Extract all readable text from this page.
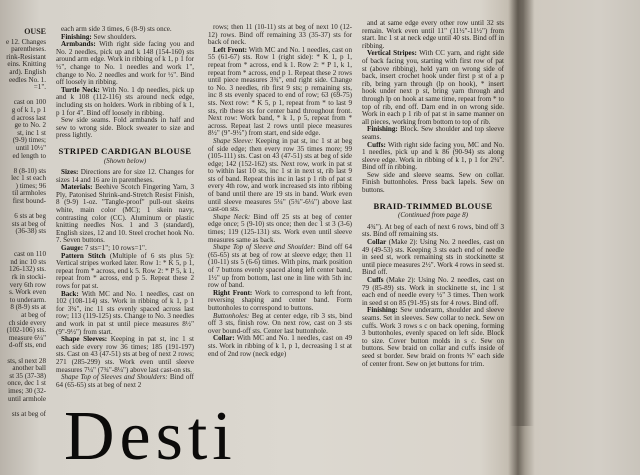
OUSE
e 12. Changes
parentheses.
rink-Resistant
eins. Knitting
ard). English
eedles No. 1.
=1".

cast on 100
g of k 1, p 1
d across last
ge to No. 2
st, inc 1 st
(9-9) times;
until 10½"
ed length to

8 (8-10) sts
lec 1 st each
) times; 96
til armholes
first bound-

6 sts at beg
sts at beg of
(36-38) sts

cast on 110
nd inc 10 sts
126-132) sts.
rk in stocki-
very 6th row
s. Work even
to underarm.
8 (8-9) sts at
at beg of
ch side every
(102-106) sts.
measure 6¼"
d-off sts, end

sts, sl next 28
another ball
st 35 (37-38)
once, dec 1 st
imes; 30 (32-
until armhole

sts at beg of

each arm side 3 times, 6 (8-9) sts once.

Finishing: Sew shoulders.

Armbands: With right side facing you and No. 2 needles, pick up and k 148 (154-160) sts around arm edge. Work in ribbing of k 1, p 1 for ½", change to No. 1 needles and work 1", change to No. 2 needles and work for ½". Bind off loosely in ribbing.

Turtle Neck: With No. 1 dp needles, pick up and k 108 (112-116) sts around neck edge, including sts on holders. Work in ribbing of k 1, p 1 for 4". Bind off loosely in ribbing.

Sew side seams. Fold armbands in half and sew to wrong side. Block sweater to size and press lightly.

STRIPED CARDIGAN BLOUSE

(Shown below)

Sizes: Directions are for size 12. Changes for sizes 14 and 16 are in parentheses.

Materials: Beehive Scotch Fingering Yarn, 3 Ply, Patonised Shrink-and-Stretch Resist Finish, 8 (9-9) 1-oz. "Tangle-proof" pull-out skeins white, main color (MC); 1 skein navy, contrasting color (CC). Aluminum or plastic knitting needles Nos. 1 and 3 (standard), English sizes, 12 and 10. Steel crochet hook No. 7. Seven buttons.

Gauge: 7 sts=1"; 10 rows=1".

Pattern Stitch (Multiple of 6 sts plus 5): Vertical stripes worked later. Row 1: * K 5, p 1, repeat from * across, end k 5. Row 2: * P 5, k 1, repeat from * across, end p 5. Repeat these 2 rows for pat st.

Back: With MC and No. 1 needles, cast on 102 (108-114) sts. Work in ribbing of k 1, p 1 for 3¾", inc 11 sts evenly spaced across last row; 113 (119-125) sts. Change to No. 3 needles and work in pat st until piece measures 8½" (9"-9½") from start.

Shape Sleeves: Keeping in pat st, inc 1 st each side every row 36 times; 185 (191-197) sts. Cast on 43 (47-51) sts at beg of next 2 rows; 271 (285-299) sts. Work even until sleeve measures 7¼" (7¾"-8¼") above last cast-on sts.

Shape Top of Sleeves and Shoulders: Bind off 64 (65-65) sts at beg of next 2

rows; then 11 (10-11) sts at beg of next 10 (12-12) rows. Bind off remaining 33 (35-37) sts for back of neck.

Left Front: With MC and No. 1 needles, cast on 55 (61-67) sts. Row 1 (right side): * K 1, p 1, repeat from * across, end k 1. Row 2: * P 1, k 1, repeat from * across, end p 1. Repeat these 2 rows until piece measures 3¾", end right side. Change to No. 3 needles, rib first 9 sts; p remaining sts, inc 8 sts evenly spaced to end of row; 63 (69-75) sts. Next row: * K 5, p 1, repeat from * to last 9 sts, rib these sts for center band throughout front. Next row: Work band, * k 1, p 5, repeat from * across. Repeat last 2 rows until piece measures 8½" (9"-9½") from start, end side edge.

Shape Sleeve: Keeping in pat st, inc 1 st at beg of side edge; then every row 35 times more; 99 (105-111) sts. Cast on 43 (47-51) sts at beg of side edge; 142 (152-162) sts. Next row, work in pat st to within last 10 sts, inc 1 st in next st, rib last 9 sts of band. Repeat this inc in last p 1 rib of pat st every 4th row, and work increased sts into ribbing of band until there are 19 sts in band. Work even until sleeve measures 5¼" (5¾"-6¼") above last cast-on sts.

Shape Neck: Bind off 25 sts at beg of center edge once; 5 (9-10) sts once; then dec 1 st 3 (3-6) times; 119 (125-131) sts. Work even until sleeve measures same as back.

Shape Top of Sleeve and Shoulder: Bind off 64 (65-65) sts at beg of row at sleeve edge; then 11 (10-11) sts 5 (6-6) times. With pins, mark position of 7 buttons evenly spaced along left center band, 1½" up from bottom, last one in line with 5th inc row of band.

Right Front: Work to correspond to left front, reversing shaping and center band. Form buttonholes to correspond to buttons.

Buttonholes: Beg at center edge, rib 3 sts, bind off 3 sts, finish row. On next row, cast on 3 sts over bound-off sts. Center last buttonhole.

Collar: With MC and No. 1 needles, cast on 49 sts. Work in ribbing of k 1, p 1, decreasing 1 st at end of 2nd row (neck edge)

and at same edge every other row until 32 sts remain. Work even until 11" (11½"-11½") from start. Inc 1 st at neck edge until 40 sts. Bind off in ribbing.

Vertical Stripes: With CC yarn, and right side of back facing you, starting with first row of pat st (above ribbing), held yarn on wrong side of back, insert crochet hook under first p st of a p rib, bring yarn through (lp on hook), * insert hook under next p st, bring yarn through and through lp on hook at same time, repeat from * to top of rib, end off. Darn end in on wrong side. Work in each p 1 rib of pat st in same manner on all pieces, working from bottom to top of rib.

Finishing: Block. Sew shoulder and top sleeve seams.

Cuffs: With right side facing you, MC and No. 1 needles, pick up and k 86 (90-94) sts along sleeve edge. Work in ribbing of k 1, p 1 for 2¾". Bind off in ribbing.

Sew side and sleeve seams. Sew on collar. Finish buttonholes. Press back lapels. Sew on buttons.

BRAID-TRIMMED BLOUSE

(Continued from page 8)

4¾"). At beg of each of next 6 rows, bind off 3 sts. Bind off remaining sts.

Collar (Make 2): Using No. 2 needles, cast on 49 (49-53) sts. Keeping 3 sts each end of needle in seed st, work remaining sts in stockinette st until piece measures 2½". Work 4 rows in seed st. Bind off.

Cuffs (Make 2): Using No. 2 needles, cast on 79 (85-89) sts. Work in stockinette st, inc 1 st each end of needle every ½" 3 times. Then work in seed st on 85 (91-95) sts for 4 rows. Bind off.

Finishing: Sew underarm, shoulder and sleeve seams. Set in sleeves. Sew collar to neck. Sew on cuffs. Work 3 rows s c on back opening, forming 3 buttonholes, evenly spaced on left side. Block to size. Cover button molds in s c. Sew on buttons. Sew braid on collar and cuffs inside of seed st border. Sew braid on fronts ⅝" each side of center front. Sew on jet buttons for trim.

Desti
